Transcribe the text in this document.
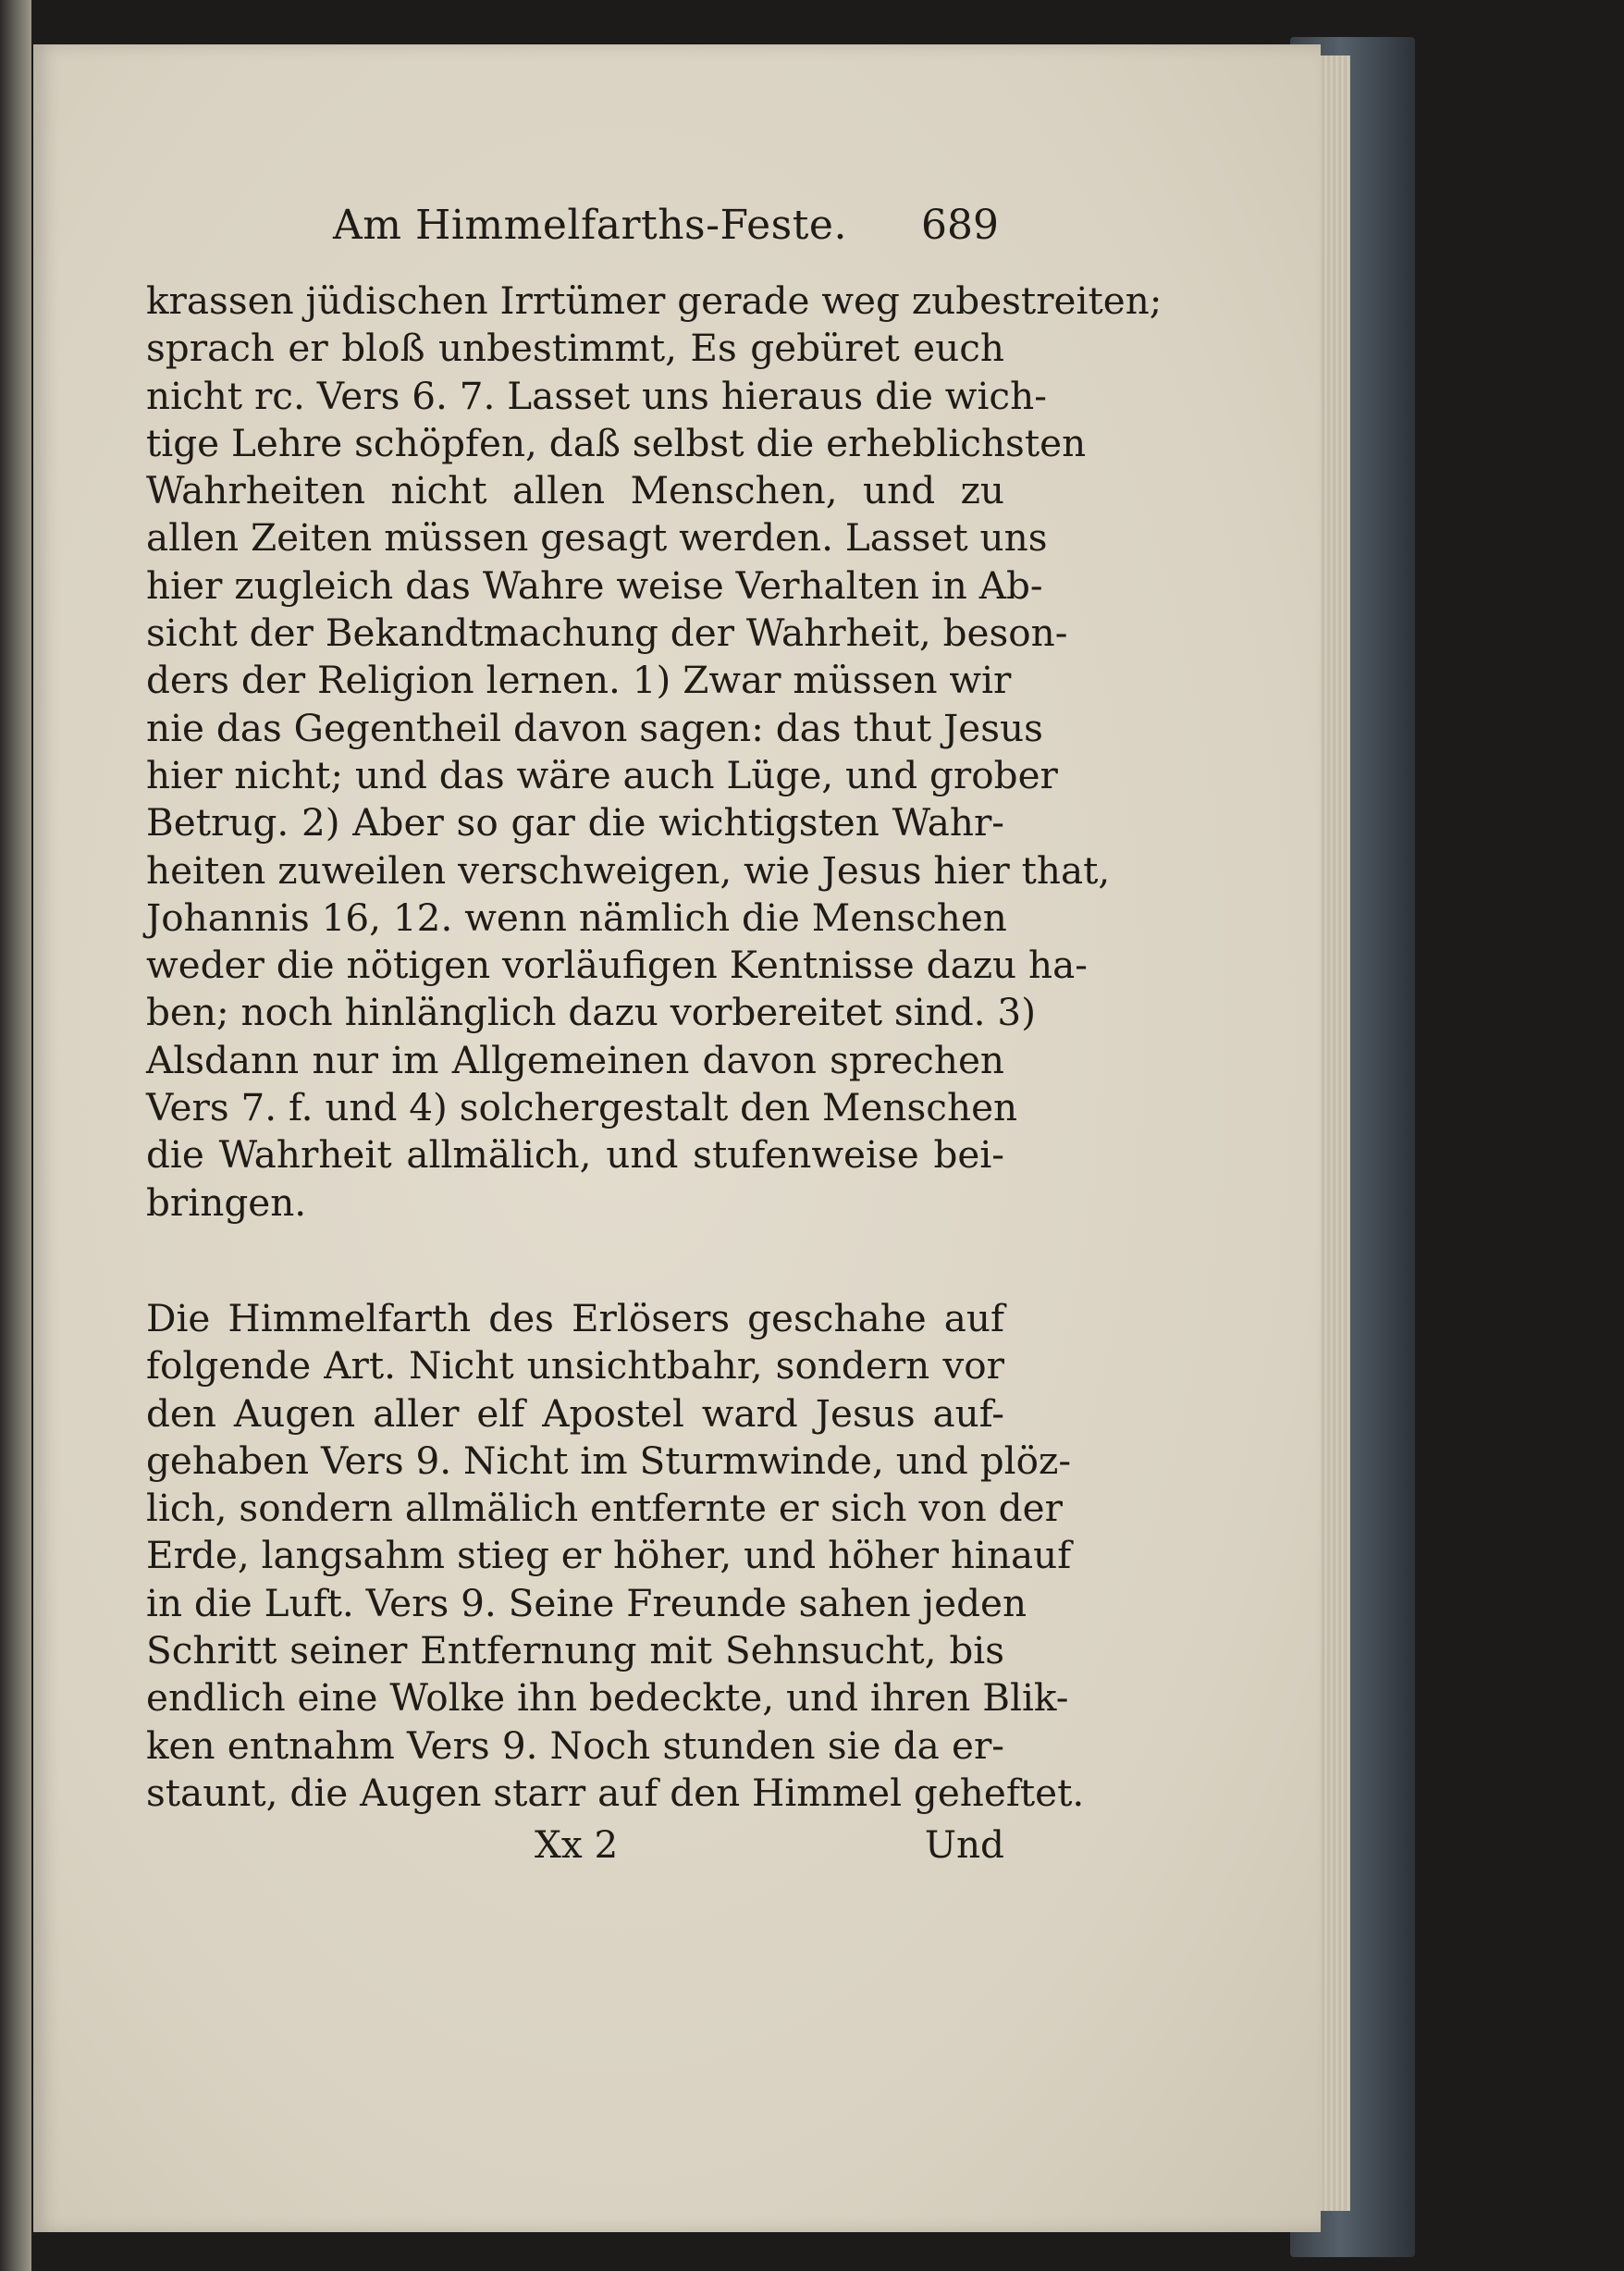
Am Himmelfarths-Feste. 689
krassen jüdischen Irrtümer gerade weg zubestreiten;
sprach er bloß unbestimmt, Es gebüret euch
nicht rc. Vers 6. 7. Lasset uns hieraus die wich-
tige Lehre schöpfen, daß selbst die erheblichsten
Wahrheiten nicht allen Menschen, und zu
allen Zeiten müssen gesagt werden. Lasset uns
hier zugleich das Wahre weise Verhalten in Ab-
sicht der Bekandtmachung der Wahrheit, beson-
ders der Religion lernen. 1) Zwar müssen wir
nie das Gegentheil davon sagen: das thut Jesus
hier nicht; und das wäre auch Lüge, und grober
Betrug. 2) Aber so gar die wichtigsten Wahr-
heiten zuweilen verschweigen, wie Jesus hier that,
Johannis 16, 12. wenn nämlich die Menschen
weder die nötigen vorläufigen Kentnisse dazu ha-
ben; noch hinlänglich dazu vorbereitet sind. 3)
Alsdann nur im Allgemeinen davon sprechen
Vers 7. f. und 4) solchergestalt den Menschen
die Wahrheit allmälich, und stufenweise bei-
bringen.
Die Himmelfarth des Erlösers geschahe auf
folgende Art. Nicht unsichtbahr, sondern vor
den Augen aller elf Apostel ward Jesus auf-
gehaben Vers 9. Nicht im Sturmwinde, und plöz-
lich, sondern allmälich entfernte er sich von der
Erde, langsahm stieg er höher, und höher hinauf
in die Luft. Vers 9. Seine Freunde sahen jeden
Schritt seiner Entfernung mit Sehnsucht, bis
endlich eine Wolke ihn bedeckte, und ihren Blik-
ken entnahm Vers 9. Noch stunden sie da er-
staunt, die Augen starr auf den Himmel geheftet.
Xx 2	Und
